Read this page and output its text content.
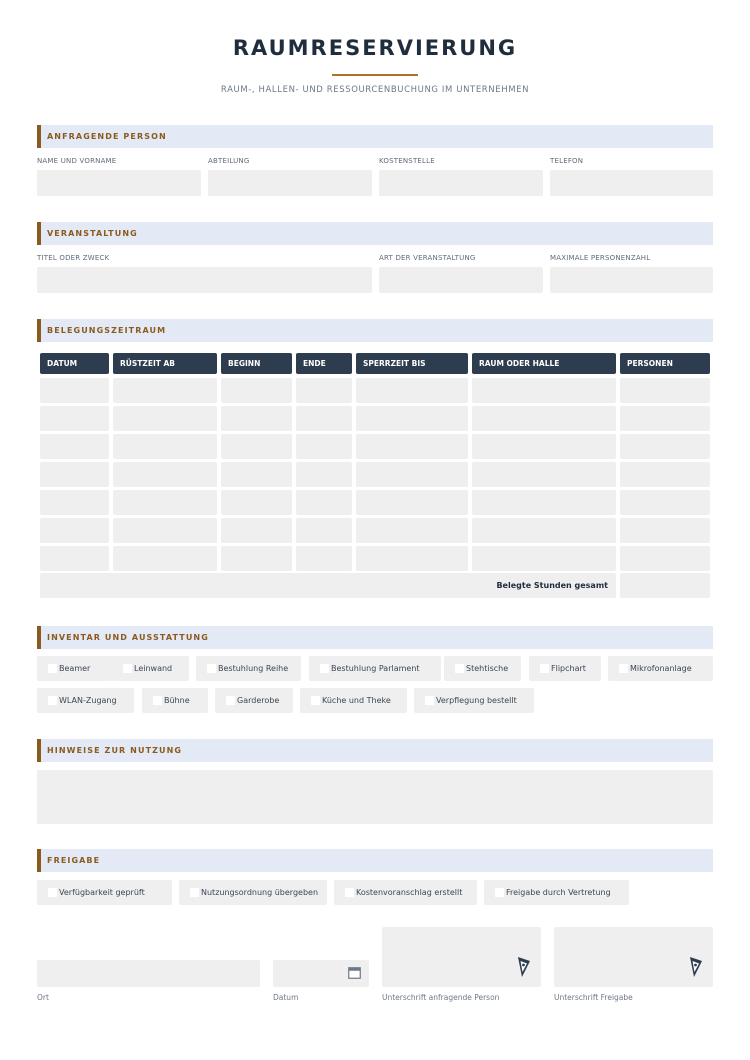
RAUMRESERVIERUNG
RAUM-, HALLEN- UND RESSOURCENBUCHUNG IM UNTERNEHMEN
ANFRAGENDE PERSON
NAME UND VORNAME	ABTEILUNG	KOSTENSTELLE	TELEFON
VERANSTALTUNG
TITEL ODER ZWECK	ART DER VERANSTALTUNG	MAXIMALE PERSONENZAHL
BELEGUNGSZEITRAUM
DATUM	RÜSTZEIT AB	BEGINN	ENDE	SPERRZEIT BIS	RAUM ODER HALLE	PERSONEN
Belegte Stunden gesamt
INVENTAR UND AUSSTATTUNG
Beamer	Leinwand	Bestuhlung Reihe	Bestuhlung Parlament	Stehtische	Flipchart	Mikrofonanlage
WLAN-Zugang	Bühne	Garderobe	Küche und Theke	Verpflegung bestellt
HINWEISE ZUR NUTZUNG
FREIGABE
Verfügbarkeit geprüft	Nutzungsordnung übergeben	Kostenvoranschlag erstellt	Freigabe durch Vertretung
Ort	Datum	Unterschrift anfragende Person	Unterschrift Freigabe
